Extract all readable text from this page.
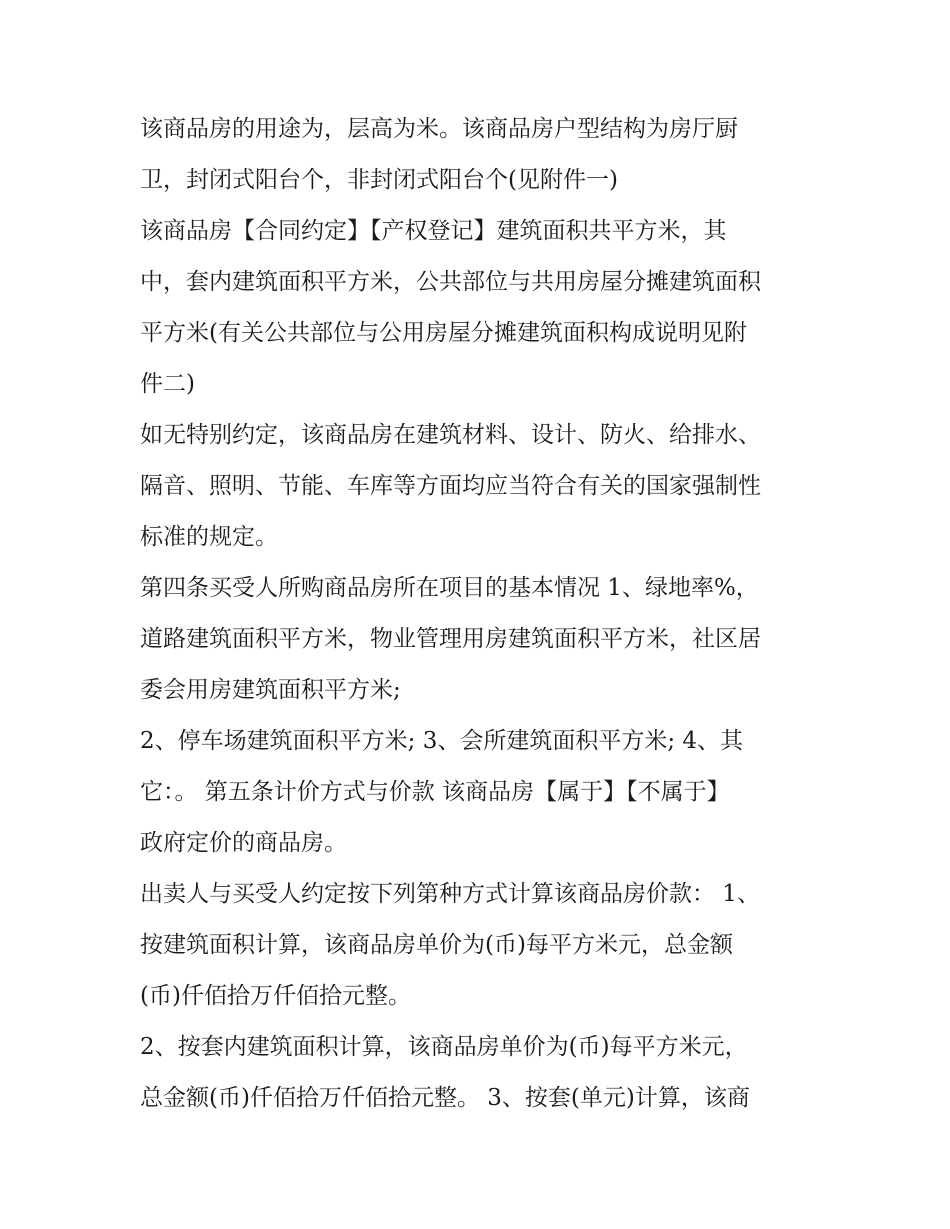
该商品房的用途为，层高为米。该商品房户型结构为房厅厨
卫，封闭式阳台个，非封闭式阳台个(见附件一)
该商品房【合同约定】【产权登记】建筑面积共平方米，其
中，套内建筑面积平方米，公共部位与共用房屋分摊建筑面积
平方米(有关公共部位与公用房屋分摊建筑面积构成说明见附
件二)
如无特别约定，该商品房在建筑材料、设计、防火、给排水、
隔音、照明、节能、车库等方面均应当符合有关的国家强制性
标准的规定。
第四条买受人所购商品房所在项目的基本情况 1、绿地率%，
道路建筑面积平方米，物业管理用房建筑面积平方米，社区居
委会用房建筑面积平方米;
2、停车场建筑面积平方米; 3、会所建筑面积平方米; 4、其
它：。 第五条计价方式与价款 该商品房【属于】【不属于】
政府定价的商品房。
出卖人与买受人约定按下列第种方式计算该商品房价款： 1、
按建筑面积计算，该商品房单价为(币)每平方米元，总金额
(币)仟佰拾万仟佰拾元整。
2、按套内建筑面积计算，该商品房单价为(币)每平方米元，
总金额(币)仟佰拾万仟佰拾元整。 3、按套(单元)计算，该商
